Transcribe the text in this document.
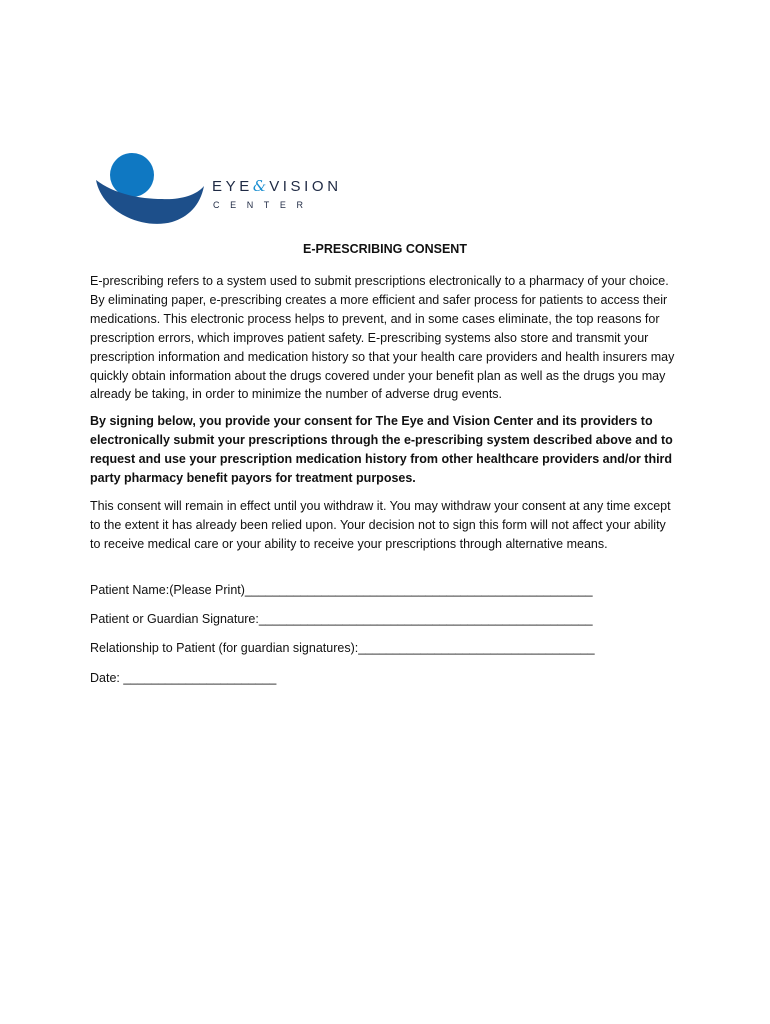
EYE& VISION
CENTER
E-PRESCRIBING CONSENT

E-prescribing refers to a system used to submit prescriptions electronically to a pharmacy of your choice. By eliminating paper, e-prescribing creates a more efficient and safer process for patients to access their medications. This electronic process helps to prevent, and in some cases eliminate, the top reasons for prescription errors, which improves patient safety. E-prescribing systems also store and transmit your prescription information and medication history so that your health care providers and health insurers may quickly obtain information about the drugs covered under your benefit plan as well as the drugs you may already be taking, in order to minimize the number of adverse drug events.

By signing below, you provide your consent for The Eye and Vision Center and its providers to electronically submit your prescriptions through the e-prescribing system described above and to request and use your prescription medication history from other healthcare providers and/or third party pharmacy benefit payors for treatment purposes.

This consent will remain in effect until you withdraw it. You may withdraw your consent at any time except to the extent it has already been relied upon. Your decision not to sign this form will not affect your ability to receive medical care or your ability to receive your prescriptions through alternative means.

Patient Name:(Please Print)__________________________________________________
Patient or Guardian Signature:________________________________________________
Relationship to Patient (for guardian signatures):__________________________________
Date: ______________________
